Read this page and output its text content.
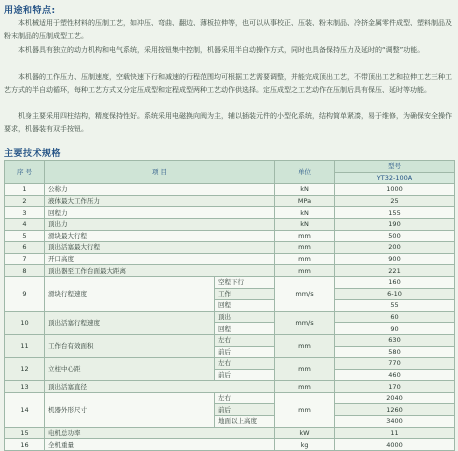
用途和特点:
本机械适用于塑性材料的压制工艺，如冲压、弯曲、翻边、薄板拉伸等，也可以从事校正、压装、粉末制品、冷挤金属零件成型、塑料制品及粉末制品的压制成型工艺。
本机器具有独立的动力机构和电气系统，采用按钮集中控制，机器采用半自动操作方式，同时也具备保持压力及延时的“调整”功能。
本机器的工作压力、压制速度，空载快速下行和减速的行程范围均可根据工艺需要调整，并能完成顶出工艺，不带顶出工艺和拉伸工艺三种工艺方式的半自动循环，每种工艺方式又分定压成型和定程成型两种工艺动作供选择。定压成型之工艺动作在压制后具有保压、延时等功能。
机身主要采用四柱结构，精度保持性好。系统采用电磁换向阀为主，辅以插装元件的小型化系统，结构简单紧凑，易于维修，为确保安全操作要求，机器装有双手按钮。
主要技术规格
序 号	项 目		单位	型号
				YT32-100A
1	公称力		kN	1000
2	液体最大工作压力		MPa	25
3	回程力		kN	155
4	顶出力		kN	190
5	滑块最大行程		mm	500
6	顶出活塞最大行程		mm	200
7	开口高度		mm	900
8	顶出器至工作台面最大距离		mm	221
9	滑块行程速度	空程下行	mm/s	160
		工作		6-10
		回程		55
10	顶出活塞行程速度	顶出	mm/s	60
		回程		90
11	工作台有效面积	左右	mm	630
		前后		580
12	立柱中心距	左右	mm	770
		前后		460
13	顶出活塞直径		mm	170
14	机器外形尺寸	左右	mm	2040
		前后		1260
		地面以上高度		3400
15	电机总功率		kW	11
16	全机重量		kg	4000
